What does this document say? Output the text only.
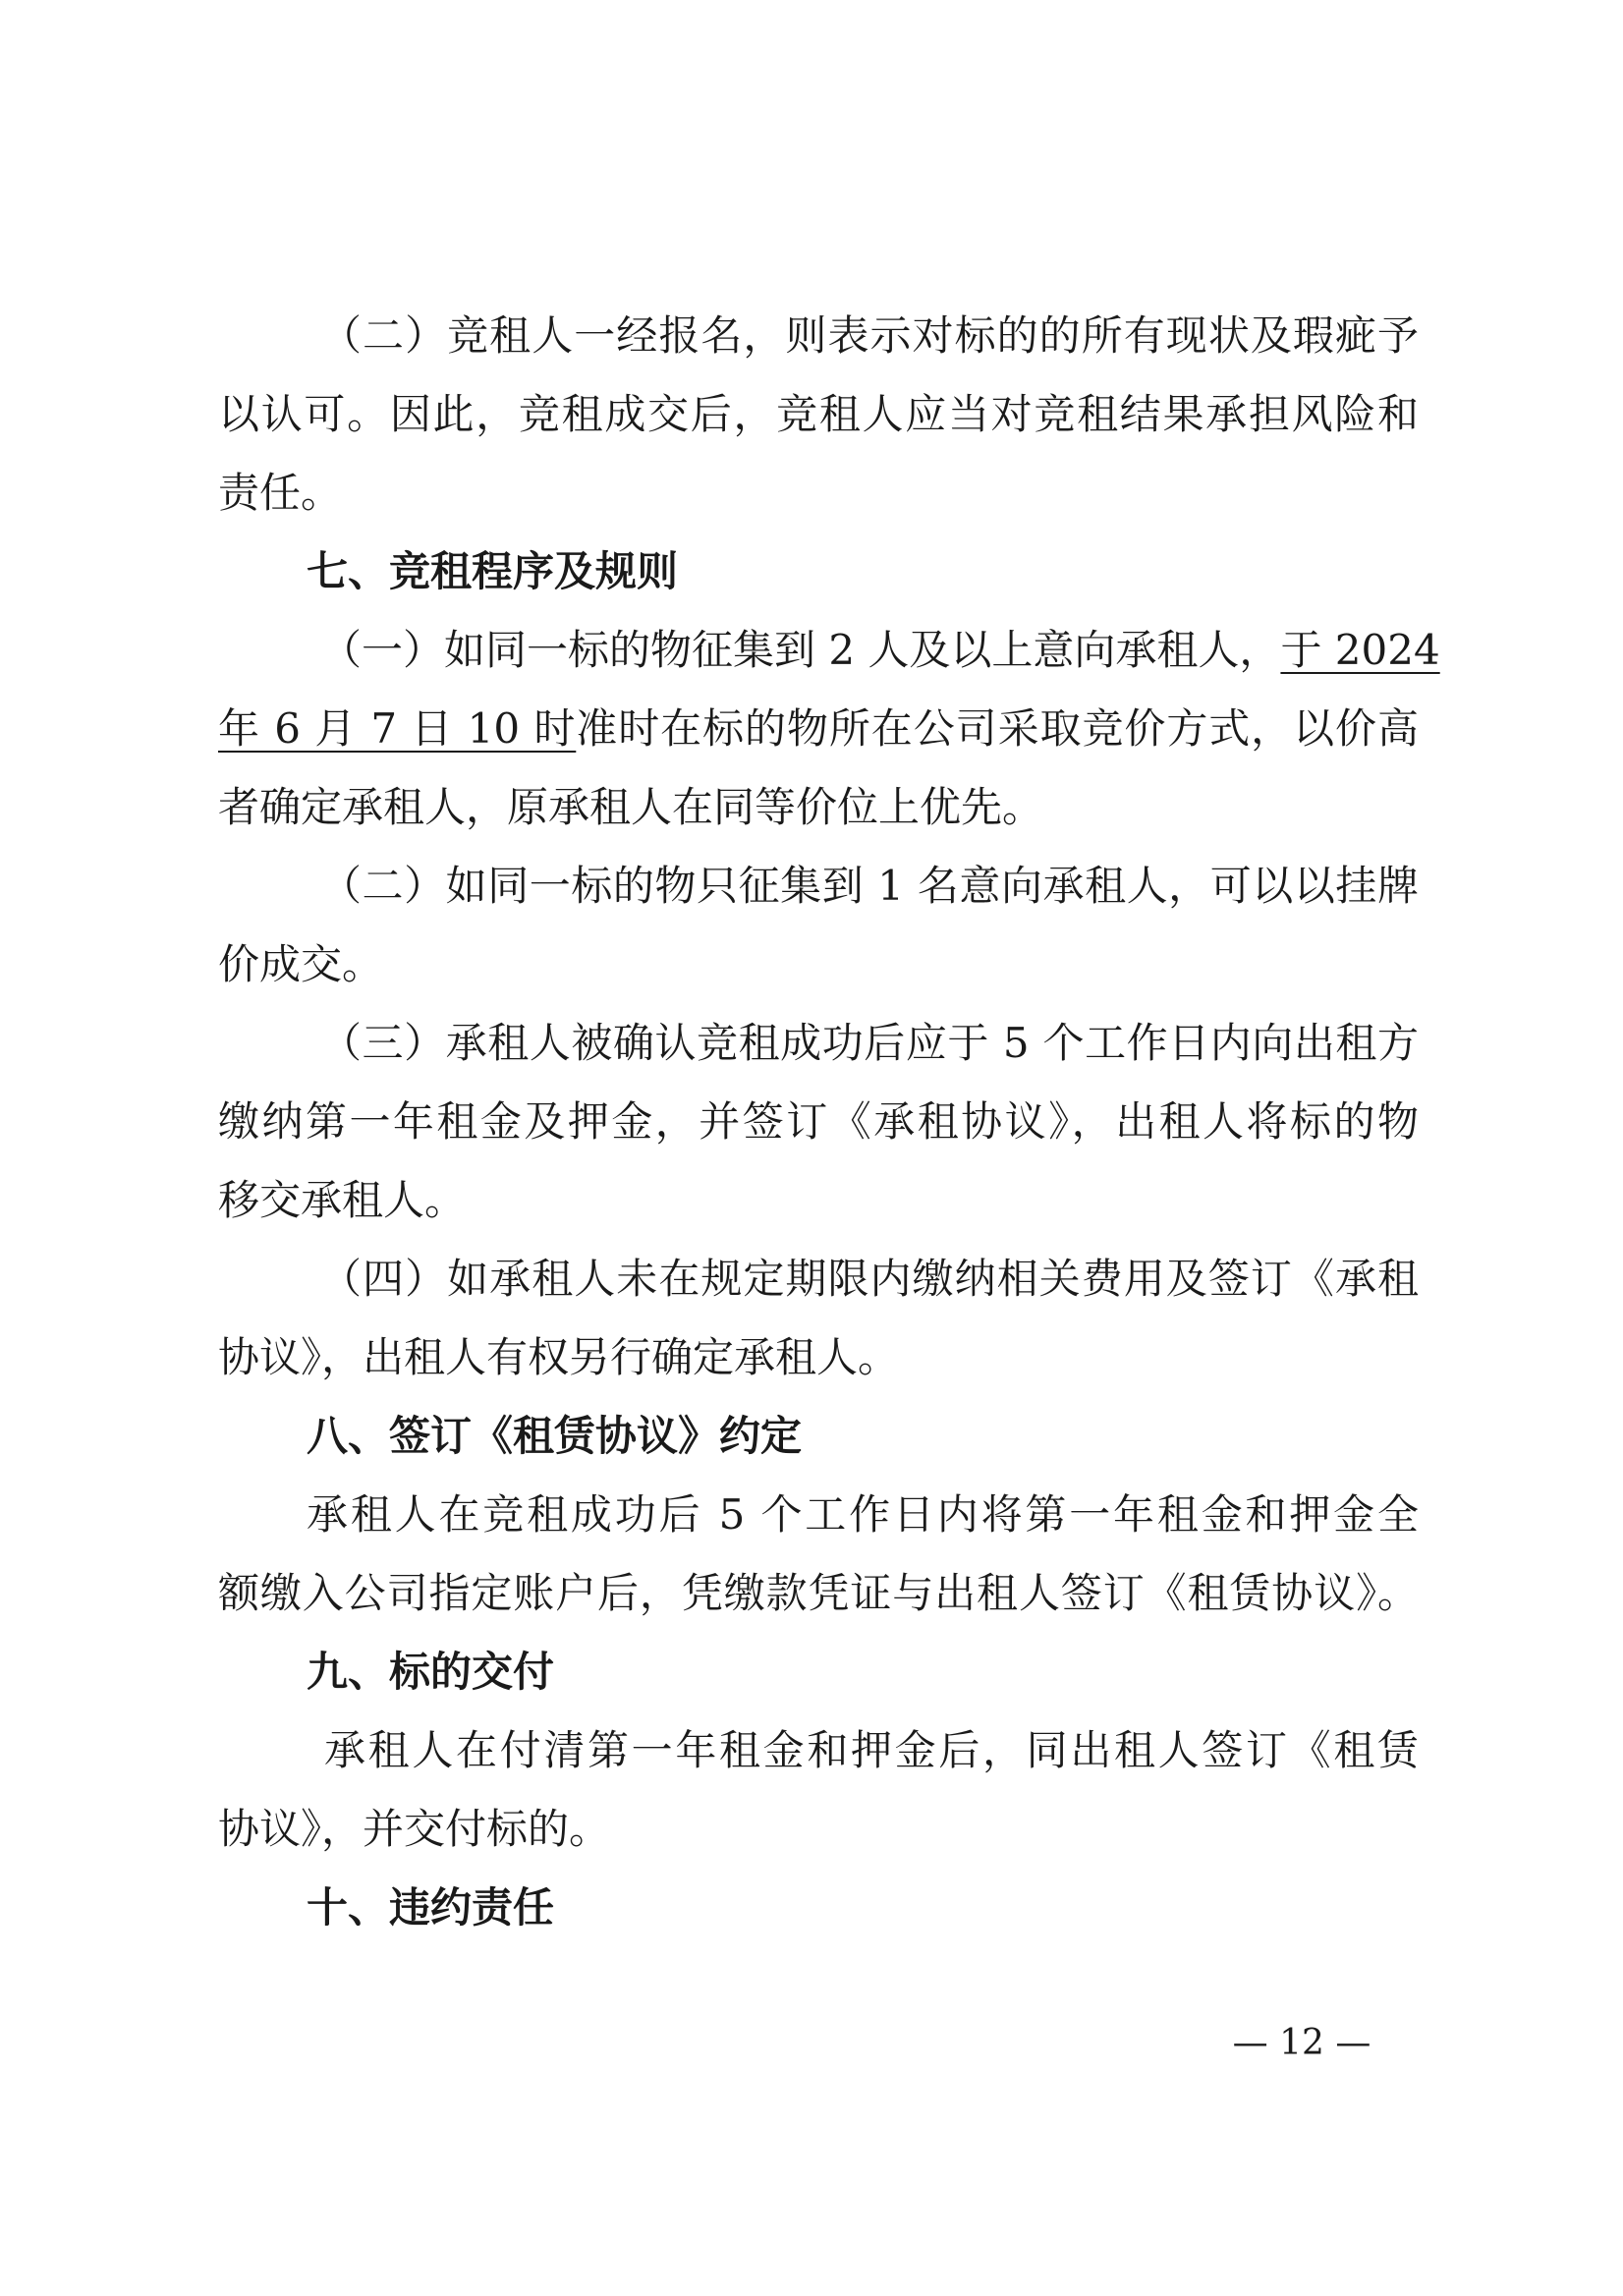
（二）竞租人一经报名，则表示对标的的所有现状及瑕疵予
以认可。因此，竞租成交后，竞租人应当对竞租结果承担风险和
责任。
七、竞租程序及规则
（一）如同一标的物征集到 2 人及以上意向承租人，于 2024
年 6 月 7 日 10 时准时在标的物所在公司采取竞价方式，以价高
者确定承租人，原承租人在同等价位上优先。
（二）如同一标的物只征集到 1 名意向承租人，可以以挂牌
价成交。
（三）承租人被确认竞租成功后应于 5 个工作日内向出租方
缴纳第一年租金及押金，并签订《承租协议》，出租人将标的物
移交承租人。
（四）如承租人未在规定期限内缴纳相关费用及签订《承租
协议》，出租人有权另行确定承租人。
八、签订《租赁协议》约定
承租人在竞租成功后 5 个工作日内将第一年租金和押金全
额缴入公司指定账户后，凭缴款凭证与出租人签订《租赁协议》。
九、标的交付
承租人在付清第一年租金和押金后，同出租人签订《租赁
协议》，并交付标的。
十、违约责任
— 12 —
